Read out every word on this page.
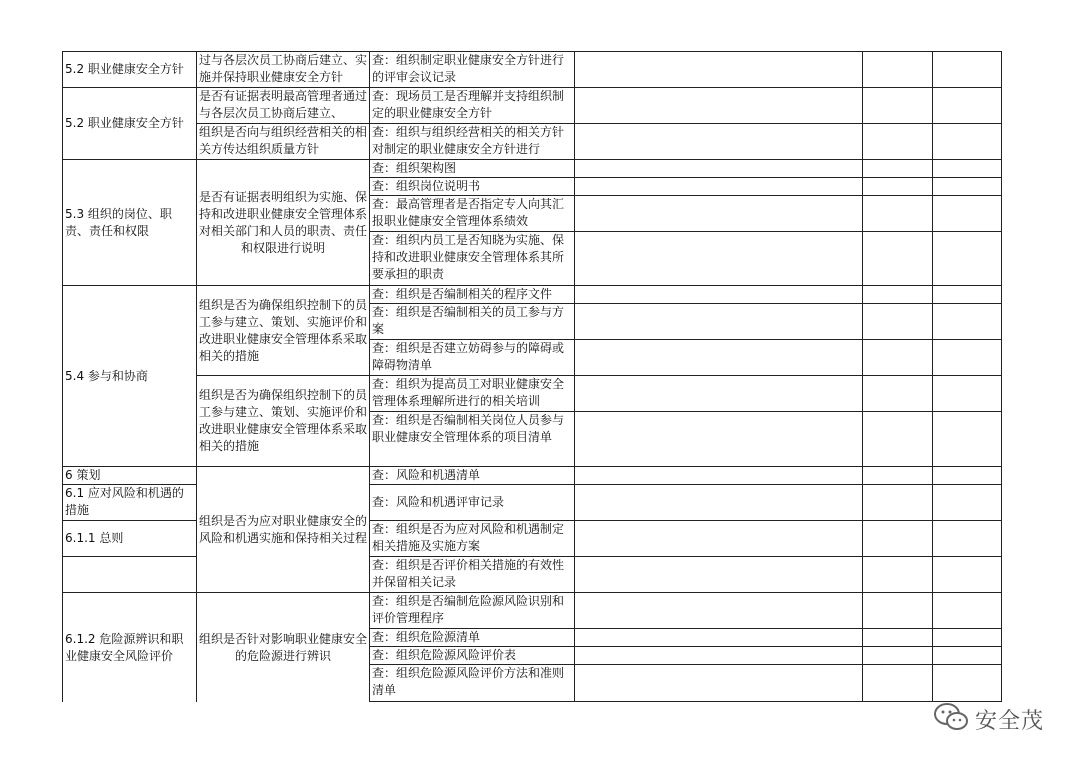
5.2 职业健康安全方针
过与各层次员工协商后建立、实施并保持职业健康安全方针
查：组织制定职业健康安全方针进行的评审会议记录
5.2 职业健康安全方针
是否有证据表明最高管理者通过与各层次员工协商后建立、
组织是否向与组织经营相关的相关方传达组织质量方针
查：现场员工是否理解并支持组织制定的职业健康安全方针
查：组织与组织经营相关的相关方针对制定的职业健康安全方针进行
5.3 组织的岗位、职责、责任和权限
是否有证据表明组织为实施、保持和改进职业健康安全管理体系对相关部门和人员的职责、责任和权限进行说明
查：组织架构图
查：组织岗位说明书
查：最高管理者是否指定专人向其汇报职业健康安全管理体系绩效
查：组织内员工是否知晓为实施、保持和改进职业健康安全管理体系其所要承担的职责
5.4 参与和协商
组织是否为确保组织控制下的员工参与建立、策划、实施评价和改进职业健康安全管理体系采取相关的措施
组织是否为确保组织控制下的员工参与建立、策划、实施评价和改进职业健康安全管理体系采取相关的措施
查：组织是否编制相关的程序文件
查：组织是否编制相关的员工参与方案
查：组织是否建立妨碍参与的障碍或障碍物清单
查：组织为提高员工对职业健康安全管理体系理解所进行的相关培训
查：组织是否编制相关岗位人员参与职业健康安全管理体系的项目清单
6 策划
6.1 应对风险和机遇的措施
6.1.1 总则
组织是否为应对职业健康安全的风险和机遇实施和保持相关过程
查：风险和机遇清单
查：风险和机遇评审记录
查：组织是否为应对风险和机遇制定相关措施及实施方案
查：组织是否评价相关措施的有效性并保留相关记录
6.1.2 危险源辨识和职业健康安全风险评价
组织是否针对影响职业健康安全的危险源进行辨识
查：组织是否编制危险源风险识别和评价管理程序
查：组织危险源清单
查：组织危险源风险评价表
查：组织危险源风险评价方法和准则清单
安全茂
